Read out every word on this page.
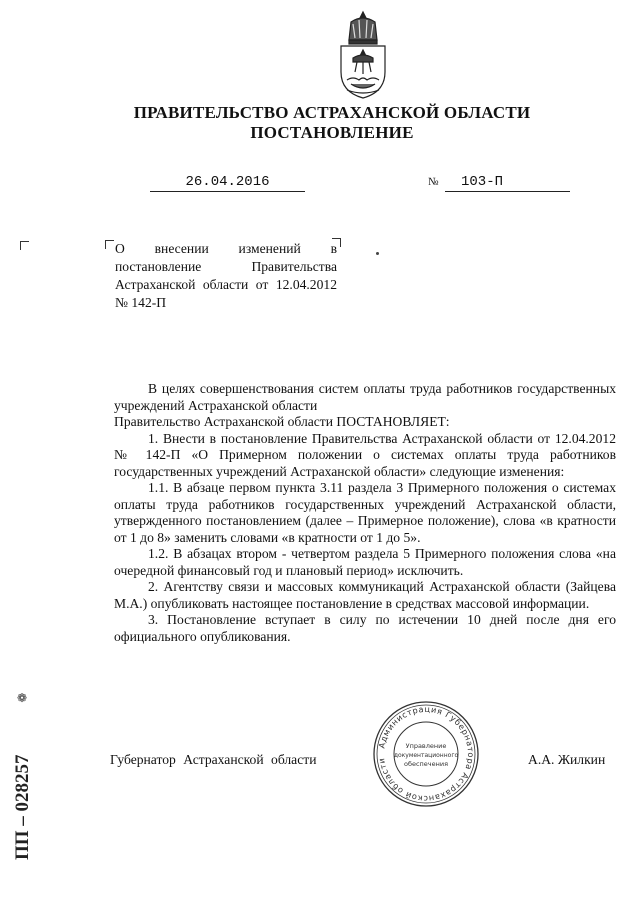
ПРАВИТЕЛЬСТВО АСТРАХАНСКОЙ ОБЛАСТИ
ПОСТАНОВЛЕНИЕ
26.04.2016	№	103-П
О внесении изменений в постановление Правительства Астраханской области от 12.04.2012 № 142-П

В целях совершенствования систем оплаты труда работников государственных учреждений Астраханской области

Правительство Астраханской области ПОСТАНОВЛЯЕТ:

1. Внести в постановление Правительства Астраханской области от 12.04.2012 № 142-П «О Примерном положении о системах оплаты труда работников государственных учреждений Астраханской области» следующие изменения:

1.1. В абзаце первом пункта 3.11 раздела 3 Примерного положения о системах оплаты труда работников государственных учреждений Астраханской области, утвержденного постановлением (далее – Примерное положение), слова «в кратности от 1 до 8» заменить словами «в кратности от 1 до 5».

1.2. В абзацах втором - четвертом раздела 5 Примерного положения слова «на очередной финансовый год и плановый период» исключить.

2. Агентству связи и массовых коммуникаций Астраханской области (Зайцева М.А.) опубликовать настоящее постановление в средствах массовой информации.

3. Постановление вступает в силу по истечении 10 дней после дня его официального опубликования.

Губернатор Астраханской области	А.А. Жилкин
Администрация Губернатора Астраханской области
Управление
документационного
обеспечения
❁
ПП – 028257
